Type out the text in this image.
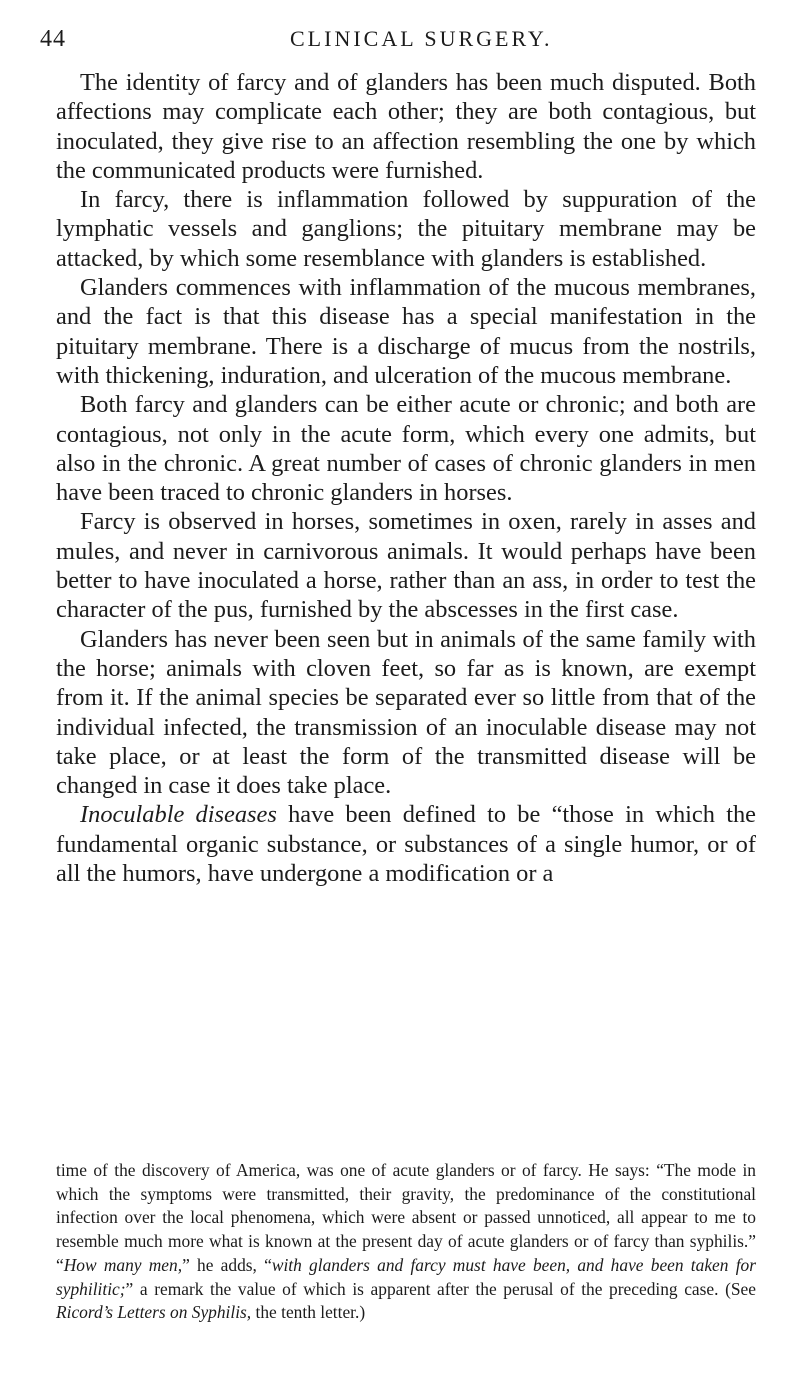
44	CLINICAL SURGERY.

The identity of farcy and of glanders has been much disputed. Both affections may complicate each other; they are both contagious, but inoculated, they give rise to an affection resembling the one by which the communicated products were furnished.

In farcy, there is inflammation followed by suppuration of the lymphatic vessels and ganglions; the pituitary membrane may be attacked, by which some resemblance with glanders is established.

Glanders commences with inflammation of the mucous membranes, and the fact is that this disease has a special manifestation in the pituitary membrane. There is a discharge of mucus from the nostrils, with thickening, induration, and ulceration of the mucous membrane.

Both farcy and glanders can be either acute or chronic; and both are contagious, not only in the acute form, which every one admits, but also in the chronic. A great number of cases of chronic glanders in men have been traced to chronic glanders in horses.

Farcy is observed in horses, sometimes in oxen, rarely in asses and mules, and never in carnivorous animals. It would perhaps have been better to have inoculated a horse, rather than an ass, in order to test the character of the pus, furnished by the abscesses in the first case.

Glanders has never been seen but in animals of the same family with the horse; animals with cloven feet, so far as is known, are exempt from it. If the animal species be separated ever so little from that of the individual infected, the transmission of an inoculable disease may not take place, or at least the form of the transmitted disease will be changed in case it does take place.

Inoculable diseases have been defined to be “those in which the fundamental organic substance, or substances of a single humor, or of all the humors, have undergone a modification or a

time of the discovery of America, was one of acute glanders or of farcy. He says: “The mode in which the symptoms were transmitted, their gravity, the predominance of the constitutional infection over the local phenomena, which were absent or passed unnoticed, all appear to me to resemble much more what is known at the present day of acute glanders or of farcy than syphilis.” “How many men,” he adds, “with glanders and farcy must have been, and have been taken for syphilitic;” a remark the value of which is apparent after the perusal of the preceding case. (See Ricord’s Letters on Syphilis, the tenth letter.)
